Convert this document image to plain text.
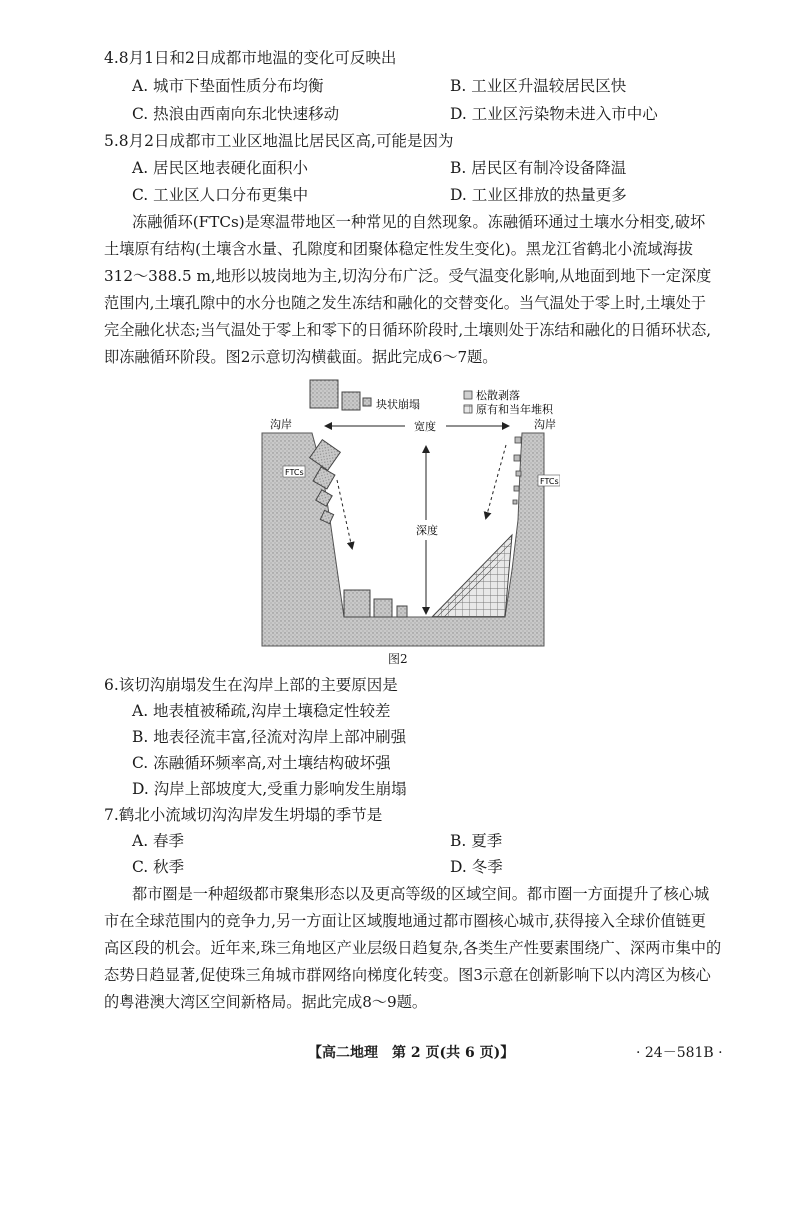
4.8月1日和2日成都市地温的变化可反映出
A. 城市下垫面性质分布均衡	B. 工业区升温较居民区快
C. 热浪由西南向东北快速移动	D. 工业区污染物未进入市中心
5.8月2日成都市工业区地温比居民区高,可能是因为
A. 居民区地表硬化面积小	B. 居民区有制冷设备降温
C. 工业区人口分布更集中	D. 工业区排放的热量更多
冻融循环(FTCs)是寒温带地区一种常见的自然现象。冻融循环通过土壤水分相变,破坏
土壤原有结构(土壤含水量、孔隙度和团聚体稳定性发生变化)。黑龙江省鹤北小流域海拔
312～388.5 m,地形以坡岗地为主,切沟分布广泛。受气温变化影响,从地面到地下一定深度
范围内,土壤孔隙中的水分也随之发生冻结和融化的交替变化。当气温处于零上时,土壤处于
完全融化状态;当气温处于零上和零下的日循环阶段时,土壤则处于冻结和融化的日循环状态,
即冻融循环阶段。图2示意切沟横截面。据此完成6～7题。
块状崩塌
松散剥落
原有和当年堆积
沟岸	沟岸
宽度
深度
FTCs
FTCs
图2
6.该切沟崩塌发生在沟岸上部的主要原因是
A. 地表植被稀疏,沟岸土壤稳定性较差
B. 地表径流丰富,径流对沟岸上部冲刷强
C. 冻融循环频率高,对土壤结构破坏强
D. 沟岸上部坡度大,受重力影响发生崩塌
7.鹤北小流域切沟沟岸发生坍塌的季节是
A. 春季	B. 夏季
C. 秋季	D. 冬季
都市圈是一种超级都市聚集形态以及更高等级的区域空间。都市圈一方面提升了核心城
市在全球范围内的竞争力,另一方面让区域腹地通过都市圈核心城市,获得接入全球价值链更
高区段的机会。近年来,珠三角地区产业层级日趋复杂,各类生产性要素围绕广、深两市集中的
态势日趋显著,促使珠三角城市群网络向梯度化转变。图3示意在创新影响下以内湾区为核心
的粤港澳大湾区空间新格局。据此完成8～9题。
【高二地理　第 2 页(共 6 页)】	· 24－581B ·
